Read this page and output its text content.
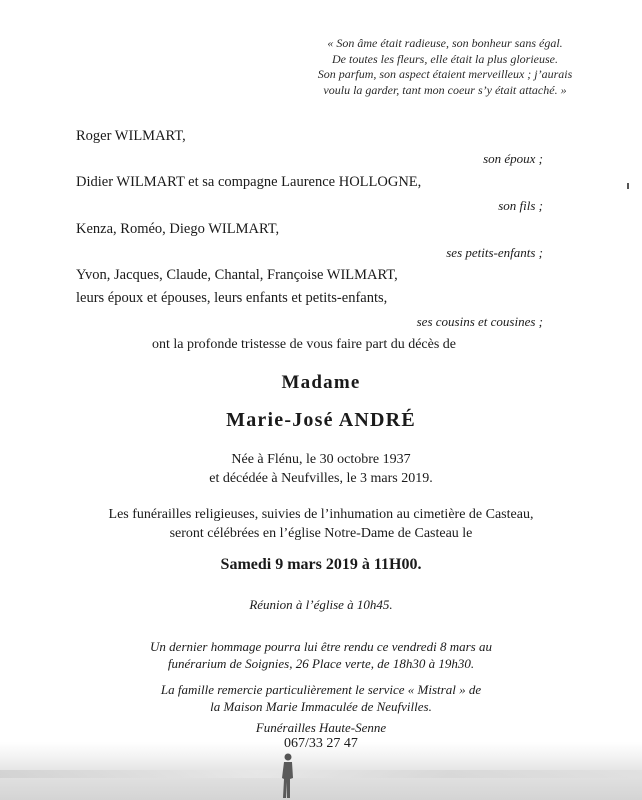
« Son âme était radieuse, son bonheur sans égal.
De toutes les fleurs, elle était la plus glorieuse.
Son parfum, son aspect étaient merveilleux ; j’aurais
voulu la garder, tant mon coeur s’y était attaché. »
Roger WILMART,
son époux ;
Didier WILMART et sa compagne Laurence HOLLOGNE,
son fils ;
Kenza, Roméo, Diego WILMART,
ses petits-enfants ;
Yvon, Jacques, Claude, Chantal, Françoise WILMART,
leurs époux et épouses, leurs enfants et petits-enfants,
ses cousins et cousines ;
ont la profonde tristesse de vous faire part du décès de
Madame
Marie-José ANDRÉ
Née à Flénu, le 30 octobre 1937
et décédée à Neufvilles, le 3 mars 2019.
Les funérailles religieuses, suivies de l’inhumation au cimetière de Casteau,
seront célébrées en l’église Notre-Dame de Casteau le
Samedi 9 mars 2019 à 11H00.
Réunion à l’église à 10h45.
Un dernier hommage pourra lui être rendu ce vendredi 8 mars au
funérarium de Soignies, 26 Place verte, de 18h30 à 19h30.
La famille remercie particulièrement le service « Mistral » de
la Maison Marie Immaculée de Neufvilles.
Funérailles Haute-Senne
067/33 27 47
